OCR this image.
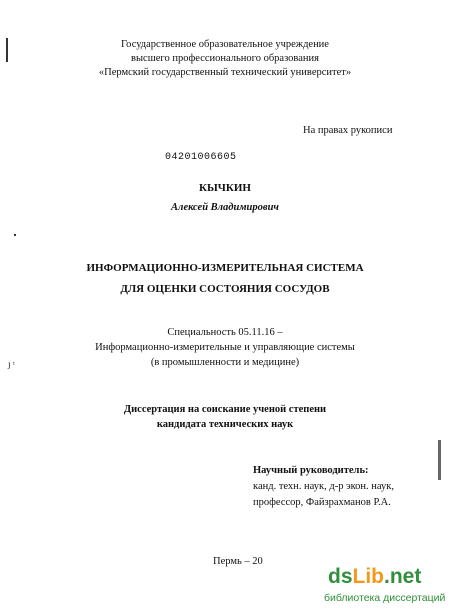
ȷ ᶜ
Государственное образовательное учреждение
высшего профессионального образования
«Пермский государственный технический университет»
На правах рукописи
04201006605
КЫЧКИН
Алексей Владимирович
ИНФОРМАЦИОННО-ИЗМЕРИТЕЛЬНАЯ СИСТЕМА
ДЛЯ ОЦЕНКИ СОСТОЯНИЯ СОСУДОВ
Специальность 05.11.16 –
Информационно-измерительные и управляющие системы
(в промышленности и медицине)
Диссертация на соискание ученой степени
кандидата технических наук
Научный руководитель:
канд. техн. наук, д-р экон. наук,
профессор, Файзрахманов Р.А.
Пермь – 20
dsLib.net
библиотека диссертаций
